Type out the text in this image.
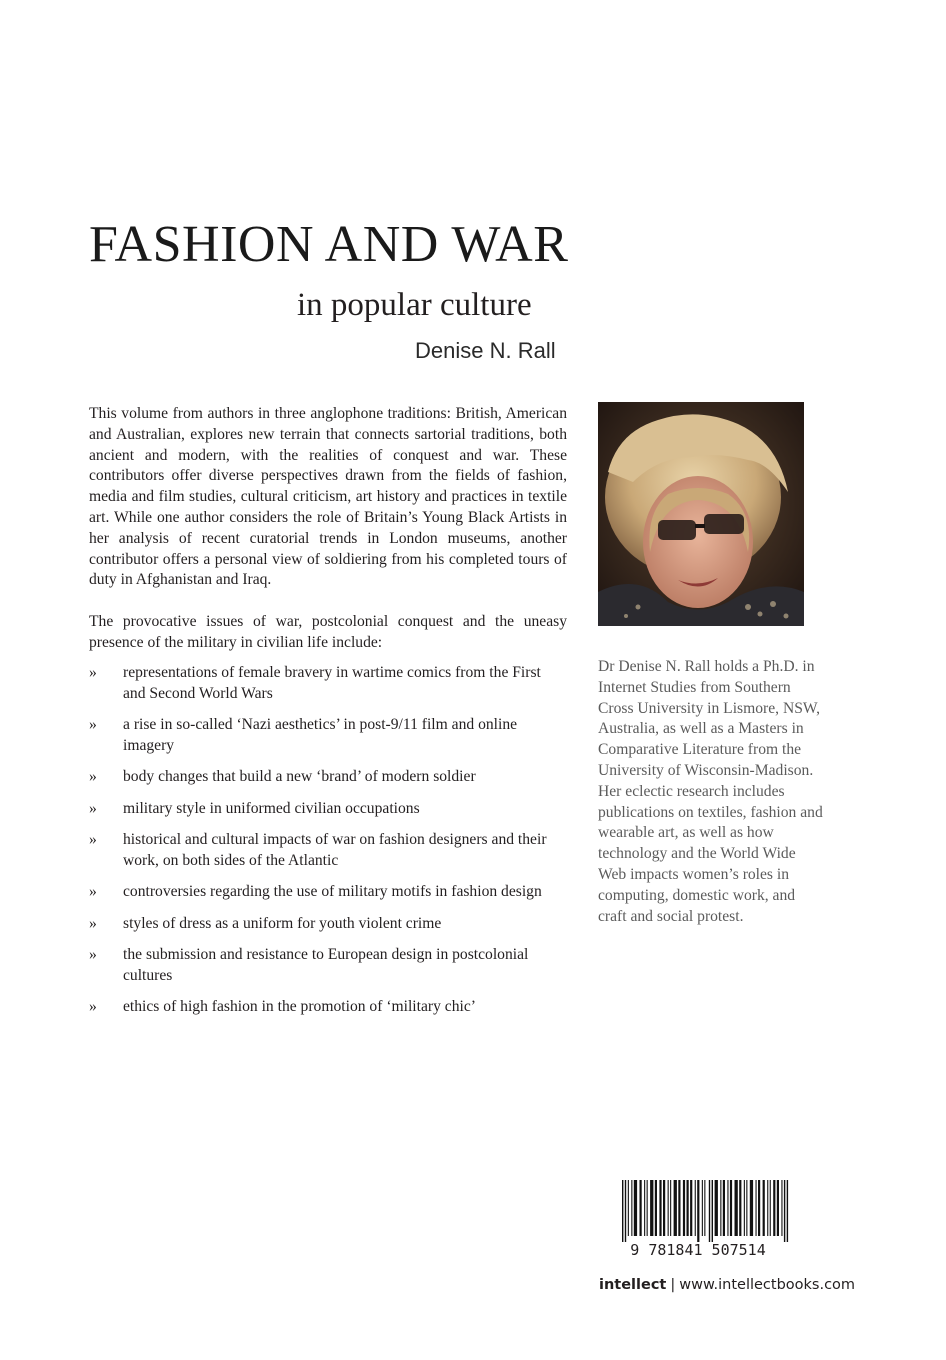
FASHION AND WAR
in popular culture
Denise N. Rall

This volume from authors in three anglophone traditions: British, American and Australian, explores new terrain that connects sartorial traditions, both ancient and modern, with the realities of conquest and war. These contributors offer diverse perspectives drawn from the fields of fashion, media and film studies, cultural criticism, art history and practices in textile art. While one author considers the role of Britain’s Young Black Artists in her analysis of recent curatorial trends in London museums, another contributor offers a personal view of soldiering from his completed tours of duty in Afghanistan and Iraq.

The provocative issues of war, postcolonial conquest and the uneasy presence of the military in civilian life include:

» representations of female bravery in wartime comics from the First and Second World Wars
» a rise in so-called ‘Nazi aesthetics’ in post-9/11 film and online imagery
» body changes that build a new ‘brand’ of modern soldier
» military style in uniformed civilian occupations
» historical and cultural impacts of war on fashion designers and their work, on both sides of the Atlantic
» controversies regarding the use of military motifs in fashion design
» styles of dress as a uniform for youth violent crime
» the submission and resistance to European design in postcolonial cultures
» ethics of high fashion in the promotion of ‘military chic’

Dr Denise N. Rall holds a Ph.D. in Internet Studies from Southern Cross University in Lismore, NSW, Australia, as well as a Masters in Comparative Literature from the University of Wisconsin-Madison. Her eclectic research includes publications on textiles, fashion and wearable art, as well as how technology and the World Wide Web impacts women’s roles in computing, domestic work, and craft and social protest.

9 781841 507514
intellect | www.intellectbooks.com
